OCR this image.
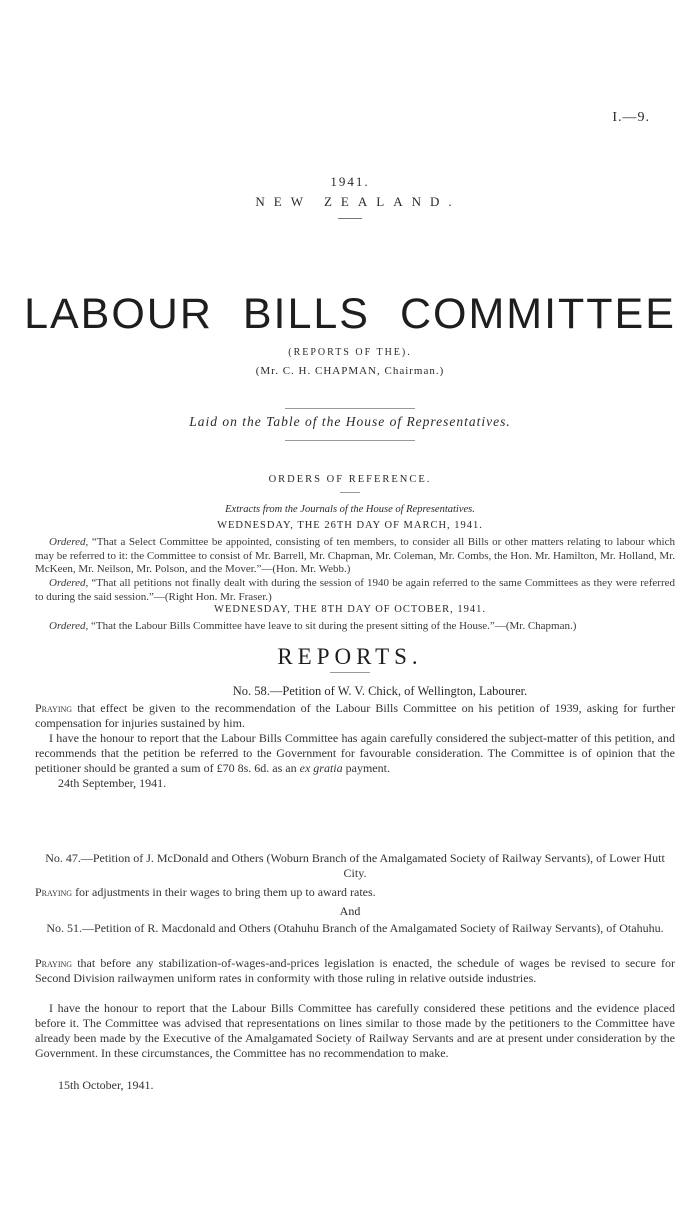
I.—9.
1941.
NEW ZEALAND.
LABOUR BILLS COMMITTEE
(REPORTS OF THE).
(Mr. C. H. CHAPMAN, Chairman.)
Laid on the Table of the House of Representatives.
ORDERS OF REFERENCE.
Extracts from the Journals of the House of Representatives.
WEDNESDAY, THE 26TH DAY OF MARCH, 1941.
Ordered, “That a Select Committee be appointed, consisting of ten members, to consider all Bills or other matters relating to labour which may be referred to it: the Committee to consist of Mr. Barrell, Mr. Chapman, Mr. Coleman, Mr. Combs, the Hon. Mr. Hamilton, Mr. Holland, Mr. McKeen, Mr. Neilson, Mr. Polson, and the Mover.”—(Hon. Mr. Webb.)
Ordered, “That all petitions not finally dealt with during the session of 1940 be again referred to the same Committees as they were referred to during the said session.”—(Right Hon. Mr. Fraser.)
WEDNESDAY, THE 8TH DAY OF OCTOBER, 1941.
Ordered, “That the Labour Bills Committee have leave to sit during the present sitting of the House.”—(Mr. Chapman.)
REPORTS.
No. 58.—Petition of W. V. Chick, of Wellington, Labourer.
Praying that effect be given to the recommendation of the Labour Bills Committee on his petition of 1939, asking for further compensation for injuries sustained by him.
I have the honour to report that the Labour Bills Committee has again carefully considered the subject-matter of this petition, and recommends that the petition be referred to the Government for favourable consideration. The Committee is of opinion that the petitioner should be granted a sum of £70 8s. 6d. as an ex gratia payment.
24th September, 1941.
No. 47.—Petition of J. McDonald and Others (Woburn Branch of the Amalgamated Society of Railway Servants), of Lower Hutt City.
Praying for adjustments in their wages to bring them up to award rates.
And
No. 51.—Petition of R. Macdonald and Others (Otahuhu Branch of the Amalgamated Society of Railway Servants), of Otahuhu.
Praying that before any stabilization-of-wages-and-prices legislation is enacted, the schedule of wages be revised to secure for Second Division railwaymen uniform rates in conformity with those ruling in relative outside industries.
I have the honour to report that the Labour Bills Committee has carefully considered these petitions and the evidence placed before it. The Committee was advised that representations on lines similar to those made by the petitioners to the Committee have already been made by the Executive of the Amalgamated Society of Railway Servants and are at present under consideration by the Government. In these circumstances, the Committee has no recommendation to make.
15th October, 1941.
